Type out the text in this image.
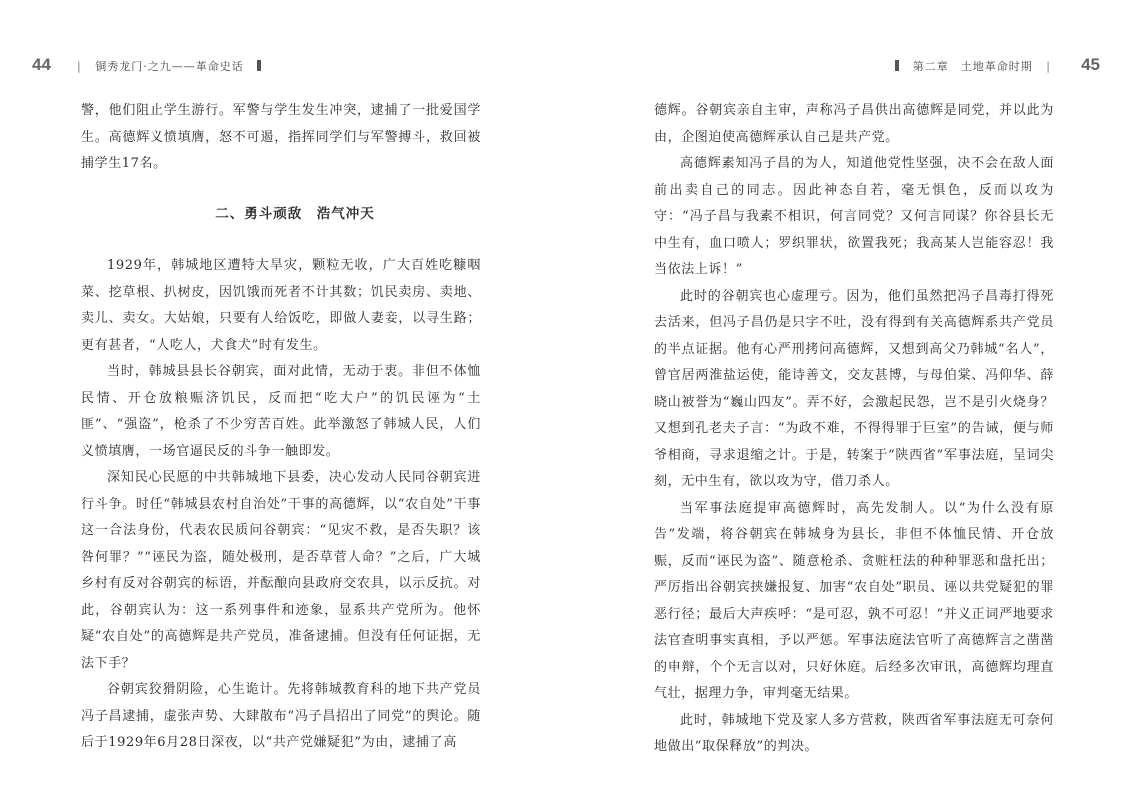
44 | 铜秀龙门·之九——革命史话

警，他们阻止学生游行。军警与学生发生冲突，逮捕了一批爱国学生。高德辉义愤填膺，怒不可遏，指挥同学们与军警搏斗，救回被捕学生17名。

二、勇斗顽敌　浩气冲天

1929年，韩城地区遭特大旱灾，颗粒无收，广大百姓吃糠咽菜、挖草根、扒树皮，因饥饿而死者不计其数；饥民卖房、卖地、卖儿、卖女。大姑娘，只要有人给饭吃，即做人妻妾，以寻生路；更有甚者，“人吃人，犬食犬”时有发生。

当时，韩城县县长谷朝宾，面对此情，无动于衷。非但不体恤民情、开仓放粮赈济饥民，反而把“吃大户”的饥民诬为“土匪”、“强盗”，枪杀了不少穷苦百姓。此举激怒了韩城人民，人们义愤填膺，一场官逼民反的斗争一触即发。

深知民心民愿的中共韩城地下县委，决心发动人民同谷朝宾进行斗争。时任“韩城县农村自治处”干事的高德辉，以“农自处”干事这一合法身份，代表农民质问谷朝宾：“见灾不救，是否失职？该咎何罪？”“诬民为盗，随处极刑，是否草菅人命？”之后，广大城乡村有反对谷朝宾的标语，并酝酿向县政府交农具，以示反抗。对此，谷朝宾认为：这一系列事件和迹象，显系共产党所为。他怀疑“农自处”的高德辉是共产党员，准备逮捕。但没有任何证据，无法下手？

谷朝宾狡猾阴险，心生诡计。先将韩城教育科的地下共产党员冯子昌逮捕，虚张声势、大肆散布“冯子昌招出了同党”的舆论。随后于1929年6月28日深夜，以“共产党嫌疑犯”为由，逮捕了高

第二章　土地革命时期 | 45

德辉。谷朝宾亲自主审，声称冯子昌供出高德辉是同党，并以此为由，企图迫使高德辉承认自己是共产党。

高德辉素知冯子昌的为人，知道他党性坚强，决不会在敌人面前出卖自己的同志。因此神态自若，毫无惧色，反而以攻为守：“冯子昌与我素不相识，何言同党？又何言同谋？你谷县长无中生有，血口喷人；罗织罪状，欲置我死；我高某人岂能容忍！我当依法上诉！”

此时的谷朝宾也心虚理亏。因为，他们虽然把冯子昌毒打得死去活来，但冯子昌仍是只字不吐，没有得到有关高德辉系共产党员的半点证据。他有心严刑拷问高德辉，又想到高父乃韩城“名人”，曾官居两淮盐运使，能诗善文，交友甚博，与母伯棠、冯仰华、薛晓山被誉为“巍山四友”。弄不好，会激起民怨，岂不是引火烧身？又想到孔老夫子言：“为政不难，不得得罪于巨室”的告诫，便与师爷相商，寻求退缩之计。于是，转案于“陕西省”军事法庭，呈词尖刻，无中生有，欲以攻为守，借刀杀人。

当军事法庭提审高德辉时，高先发制人。以“为什么没有原告”发端，将谷朝宾在韩城身为县长，非但不体恤民情、开仓放赈，反而“诬民为盗”、随意枪杀、贪赃枉法的种种罪恶和盘托出；严厉指出谷朝宾挟嫌报复、加害“农自处”职员、诬以共党疑犯的罪恶行径；最后大声疾呼：“是可忍，孰不可忍！”并义正词严地要求法官查明事实真相，予以严惩。军事法庭法官听了高德辉言之凿凿的申辩，个个无言以对，只好休庭。后经多次审讯，高德辉均理直气壮，据理力争，审判毫无结果。

此时，韩城地下党及家人多方营救，陕西省军事法庭无可奈何地做出“取保释放”的判决。
